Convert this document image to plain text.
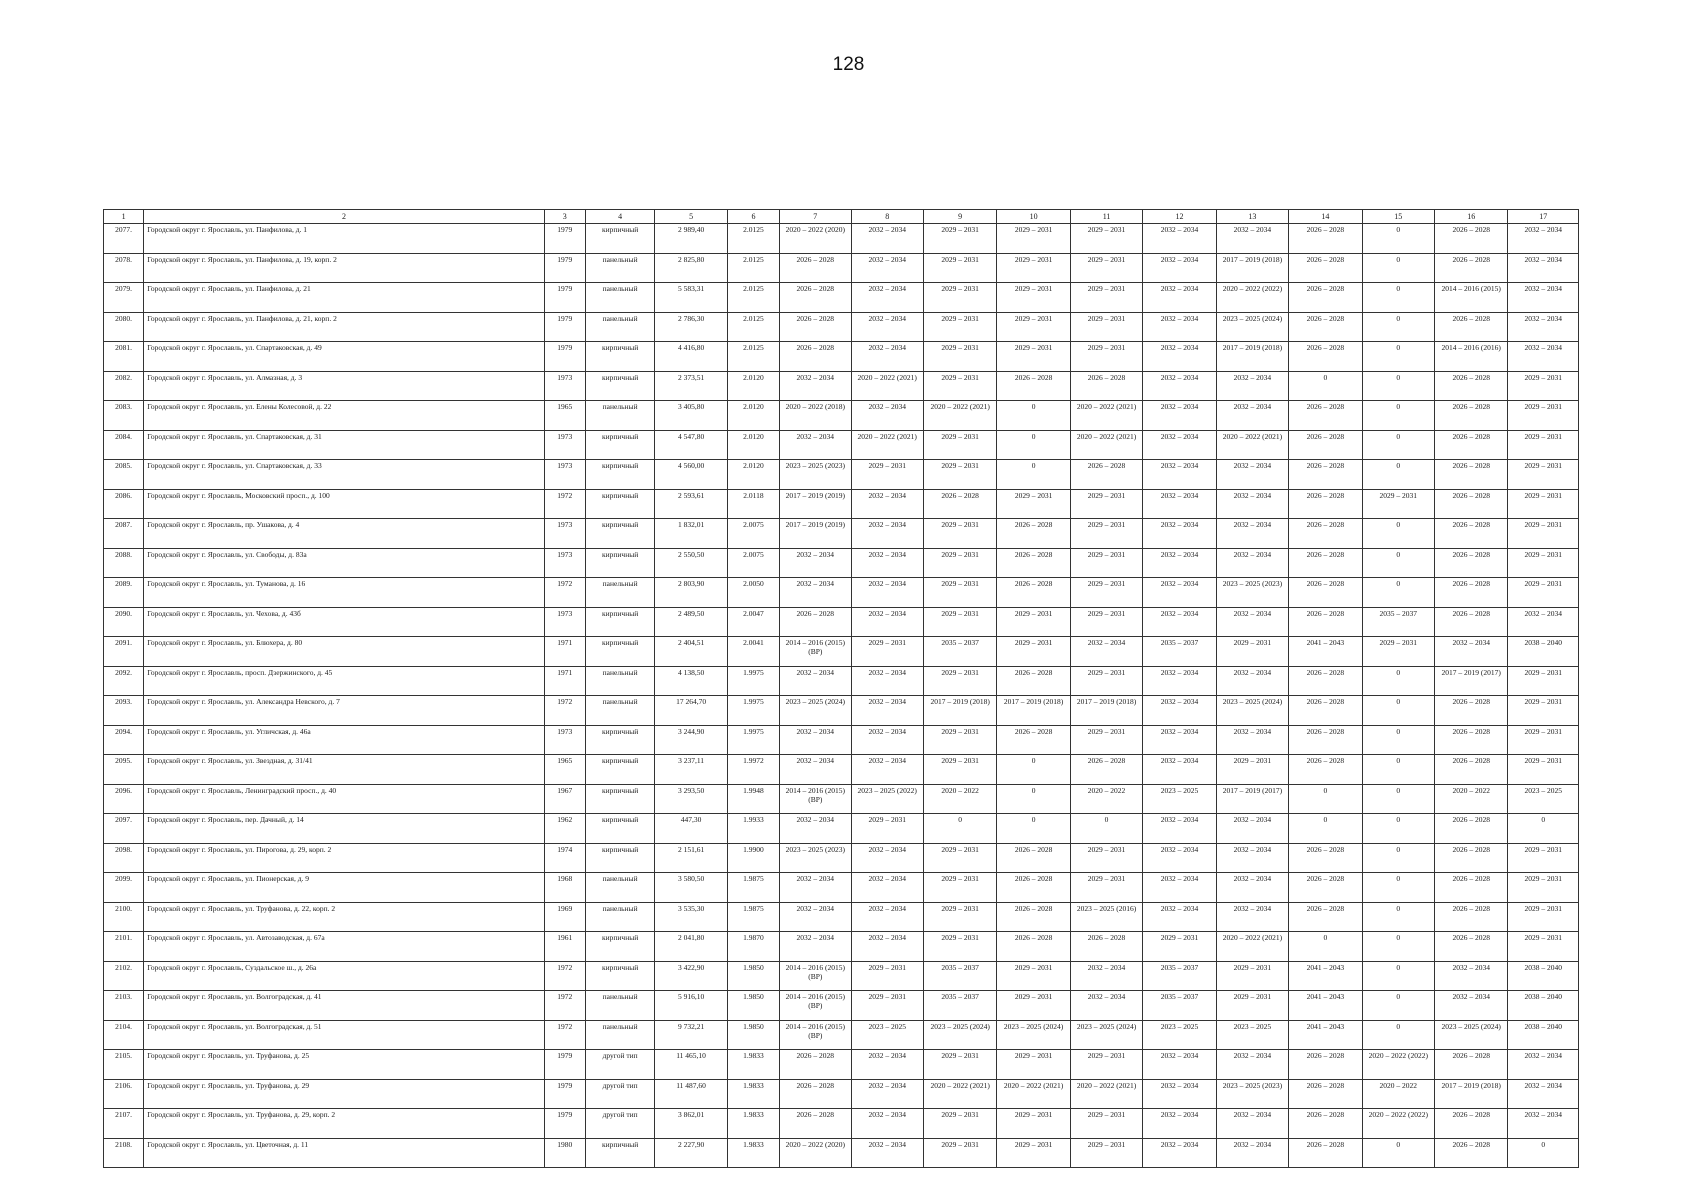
128
1	2	3	4	5	6	7	8	9	10	11	12	13	14	15	16	17
2077.	Городской округ г. Ярославль, ул. Панфилова, д. 1	1979	кирпичный	2 989,40	2.0125	2020 – 2022 (2020)	2032 – 2034	2029 – 2031	2029 – 2031	2029 – 2031	2032 – 2034	2032 – 2034	2026 – 2028	0	2026 – 2028	2032 – 2034
2078.	Городской округ г. Ярославль, ул. Панфилова, д. 19, корп. 2	1979	панельный	2 825,80	2.0125	2026 – 2028	2032 – 2034	2029 – 2031	2029 – 2031	2029 – 2031	2032 – 2034	2017 – 2019 (2018)	2026 – 2028	0	2026 – 2028	2032 – 2034
2079.	Городской округ г. Ярославль, ул. Панфилова, д. 21	1979	панельный	5 583,31	2.0125	2026 – 2028	2032 – 2034	2029 – 2031	2029 – 2031	2029 – 2031	2032 – 2034	2020 – 2022 (2022)	2026 – 2028	0	2014 – 2016 (2015)	2032 – 2034
2080.	Городской округ г. Ярославль, ул. Панфилова, д. 21, корп. 2	1979	панельный	2 786,30	2.0125	2026 – 2028	2032 – 2034	2029 – 2031	2029 – 2031	2029 – 2031	2032 – 2034	2023 – 2025 (2024)	2026 – 2028	0	2026 – 2028	2032 – 2034
2081.	Городской округ г. Ярославль, ул. Спартаковская, д. 49	1979	кирпичный	4 416,80	2.0125	2026 – 2028	2032 – 2034	2029 – 2031	2029 – 2031	2029 – 2031	2032 – 2034	2017 – 2019 (2018)	2026 – 2028	0	2014 – 2016 (2016)	2032 – 2034
2082.	Городской округ г. Ярославль, ул. Алмазная, д. 3	1973	кирпичный	2 373,51	2.0120	2032 – 2034	2020 – 2022 (2021)	2029 – 2031	2026 – 2028	2026 – 2028	2032 – 2034	2032 – 2034	0	0	2026 – 2028	2029 – 2031
2083.	Городской округ г. Ярославль, ул. Елены Колесовой, д. 22	1965	панельный	3 405,80	2.0120	2020 – 2022 (2018)	2032 – 2034	2020 – 2022 (2021)	0	2020 – 2022 (2021)	2032 – 2034	2032 – 2034	2026 – 2028	0	2026 – 2028	2029 – 2031
2084.	Городской округ г. Ярославль, ул. Спартаковская, д. 31	1973	кирпичный	4 547,80	2.0120	2032 – 2034	2020 – 2022 (2021)	2029 – 2031	0	2020 – 2022 (2021)	2032 – 2034	2020 – 2022 (2021)	2026 – 2028	0	2026 – 2028	2029 – 2031
2085.	Городской округ г. Ярославль, ул. Спартаковская, д. 33	1973	кирпичный	4 560,00	2.0120	2023 – 2025 (2023)	2029 – 2031	2029 – 2031	0	2026 – 2028	2032 – 2034	2032 – 2034	2026 – 2028	0	2026 – 2028	2029 – 2031
2086.	Городской округ г. Ярославль, Московский просп., д. 100	1972	кирпичный	2 593,61	2.0118	2017 – 2019 (2019)	2032 – 2034	2026 – 2028	2029 – 2031	2029 – 2031	2032 – 2034	2032 – 2034	2026 – 2028	2029 – 2031	2026 – 2028	2029 – 2031
2087.	Городской округ г. Ярославль, пр. Ушакова, д. 4	1973	кирпичный	1 832,01	2.0075	2017 – 2019 (2019)	2032 – 2034	2029 – 2031	2026 – 2028	2029 – 2031	2032 – 2034	2032 – 2034	2026 – 2028	0	2026 – 2028	2029 – 2031
2088.	Городской округ г. Ярославль, ул. Свободы, д. 83а	1973	кирпичный	2 550,50	2.0075	2032 – 2034	2032 – 2034	2029 – 2031	2026 – 2028	2029 – 2031	2032 – 2034	2032 – 2034	2026 – 2028	0	2026 – 2028	2029 – 2031
2089.	Городской округ г. Ярославль, ул. Туманова, д. 16	1972	панельный	2 803,90	2.0050	2032 – 2034	2032 – 2034	2029 – 2031	2026 – 2028	2029 – 2031	2032 – 2034	2023 – 2025 (2023)	2026 – 2028	0	2026 – 2028	2029 – 2031
2090.	Городской округ г. Ярославль, ул. Чехова, д. 43б	1973	кирпичный	2 489,50	2.0047	2026 – 2028	2032 – 2034	2029 – 2031	2029 – 2031	2029 – 2031	2032 – 2034	2032 – 2034	2026 – 2028	2035 – 2037	2026 – 2028	2032 – 2034
2091.	Городской округ г. Ярославль, ул. Блюхера, д. 80	1971	кирпичный	2 404,51	2.0041	2014 – 2016 (2015) (ВР)	2029 – 2031	2035 – 2037	2029 – 2031	2032 – 2034	2035 – 2037	2029 – 2031	2041 – 2043	2029 – 2031	2032 – 2034	2038 – 2040
2092.	Городской округ г. Ярославль, просп. Дзержинского, д. 45	1971	панельный	4 138,50	1.9975	2032 – 2034	2032 – 2034	2029 – 2031	2026 – 2028	2029 – 2031	2032 – 2034	2032 – 2034	2026 – 2028	0	2017 – 2019 (2017)	2029 – 2031
2093.	Городской округ г. Ярославль, ул. Александра Невского, д. 7	1972	панельный	17 264,70	1.9975	2023 – 2025 (2024)	2032 – 2034	2017 – 2019 (2018)	2017 – 2019 (2018)	2017 – 2019 (2018)	2032 – 2034	2023 – 2025 (2024)	2026 – 2028	0	2026 – 2028	2029 – 2031
2094.	Городской округ г. Ярославль, ул. Угличская, д. 46а	1973	кирпичный	3 244,90	1.9975	2032 – 2034	2032 – 2034	2029 – 2031	2026 – 2028	2029 – 2031	2032 – 2034	2032 – 2034	2026 – 2028	0	2026 – 2028	2029 – 2031
2095.	Городской округ г. Ярославль, ул. Звездная, д. 31/41	1965	кирпичный	3 237,11	1.9972	2032 – 2034	2032 – 2034	2029 – 2031	0	2026 – 2028	2032 – 2034	2029 – 2031	2026 – 2028	0	2026 – 2028	2029 – 2031
2096.	Городской округ г. Ярославль, Ленинградский просп., д. 40	1967	кирпичный	3 293,50	1.9948	2014 – 2016 (2015) (ВР)	2023 – 2025 (2022)	2020 – 2022	0	2020 – 2022	2023 – 2025	2017 – 2019 (2017)	0	0	2020 – 2022	2023 – 2025
2097.	Городской округ г. Ярославль, пер. Дачный, д. 14	1962	кирпичный	447,30	1.9933	2032 – 2034	2029 – 2031	0	0	0	2032 – 2034	2032 – 2034	0	0	2026 – 2028	0
2098.	Городской округ г. Ярославль, ул. Пирогова, д. 29, корп. 2	1974	кирпичный	2 151,61	1.9900	2023 – 2025 (2023)	2032 – 2034	2029 – 2031	2026 – 2028	2029 – 2031	2032 – 2034	2032 – 2034	2026 – 2028	0	2026 – 2028	2029 – 2031
2099.	Городской округ г. Ярославль, ул. Пионерская, д. 9	1968	панельный	3 580,50	1.9875	2032 – 2034	2032 – 2034	2029 – 2031	2026 – 2028	2029 – 2031	2032 – 2034	2032 – 2034	2026 – 2028	0	2026 – 2028	2029 – 2031
2100.	Городской округ г. Ярославль, ул. Труфанова, д. 22, корп. 2	1969	панельный	3 535,30	1.9875	2032 – 2034	2032 – 2034	2029 – 2031	2026 – 2028	2023 – 2025 (2016)	2032 – 2034	2032 – 2034	2026 – 2028	0	2026 – 2028	2029 – 2031
2101.	Городской округ г. Ярославль, ул. Автозаводская, д. 67а	1961	кирпичный	2 041,80	1.9870	2032 – 2034	2032 – 2034	2029 – 2031	2026 – 2028	2026 – 2028	2029 – 2031	2020 – 2022 (2021)	0	0	2026 – 2028	2029 – 2031
2102.	Городской округ г. Ярославль, Суздальское ш., д. 26а	1972	кирпичный	3 422,90	1.9850	2014 – 2016 (2015) (ВР)	2029 – 2031	2035 – 2037	2029 – 2031	2032 – 2034	2035 – 2037	2029 – 2031	2041 – 2043	0	2032 – 2034	2038 – 2040
2103.	Городской округ г. Ярославль, ул. Волгоградская, д. 41	1972	панельный	5 916,10	1.9850	2014 – 2016 (2015) (ВР)	2029 – 2031	2035 – 2037	2029 – 2031	2032 – 2034	2035 – 2037	2029 – 2031	2041 – 2043	0	2032 – 2034	2038 – 2040
2104.	Городской округ г. Ярославль, ул. Волгоградская, д. 51	1972	панельный	9 732,21	1.9850	2014 – 2016 (2015) (ВР)	2023 – 2025	2023 – 2025 (2024)	2023 – 2025 (2024)	2023 – 2025 (2024)	2023 – 2025	2023 – 2025	2041 – 2043	0	2023 – 2025 (2024)	2038 – 2040
2105.	Городской округ г. Ярославль, ул. Труфанова, д. 25	1979	другой тип	11 465,10	1.9833	2026 – 2028	2032 – 2034	2029 – 2031	2029 – 2031	2029 – 2031	2032 – 2034	2032 – 2034	2026 – 2028	2020 – 2022 (2022)	2026 – 2028	2032 – 2034
2106.	Городской округ г. Ярославль, ул. Труфанова, д. 29	1979	другой тип	11 487,60	1.9833	2026 – 2028	2032 – 2034	2020 – 2022 (2021)	2020 – 2022 (2021)	2020 – 2022 (2021)	2032 – 2034	2023 – 2025 (2023)	2026 – 2028	2020 – 2022	2017 – 2019 (2018)	2032 – 2034
2107.	Городской округ г. Ярославль, ул. Труфанова, д. 29, корп. 2	1979	другой тип	3 862,01	1.9833	2026 – 2028	2032 – 2034	2029 – 2031	2029 – 2031	2029 – 2031	2032 – 2034	2032 – 2034	2026 – 2028	2020 – 2022 (2022)	2026 – 2028	2032 – 2034
2108.	Городской округ г. Ярославль, ул. Цветочная, д. 11	1980	кирпичный	2 227,90	1.9833	2020 – 2022 (2020)	2032 – 2034	2029 – 2031	2029 – 2031	2029 – 2031	2032 – 2034	2032 – 2034	2026 – 2028	0	2026 – 2028	0
